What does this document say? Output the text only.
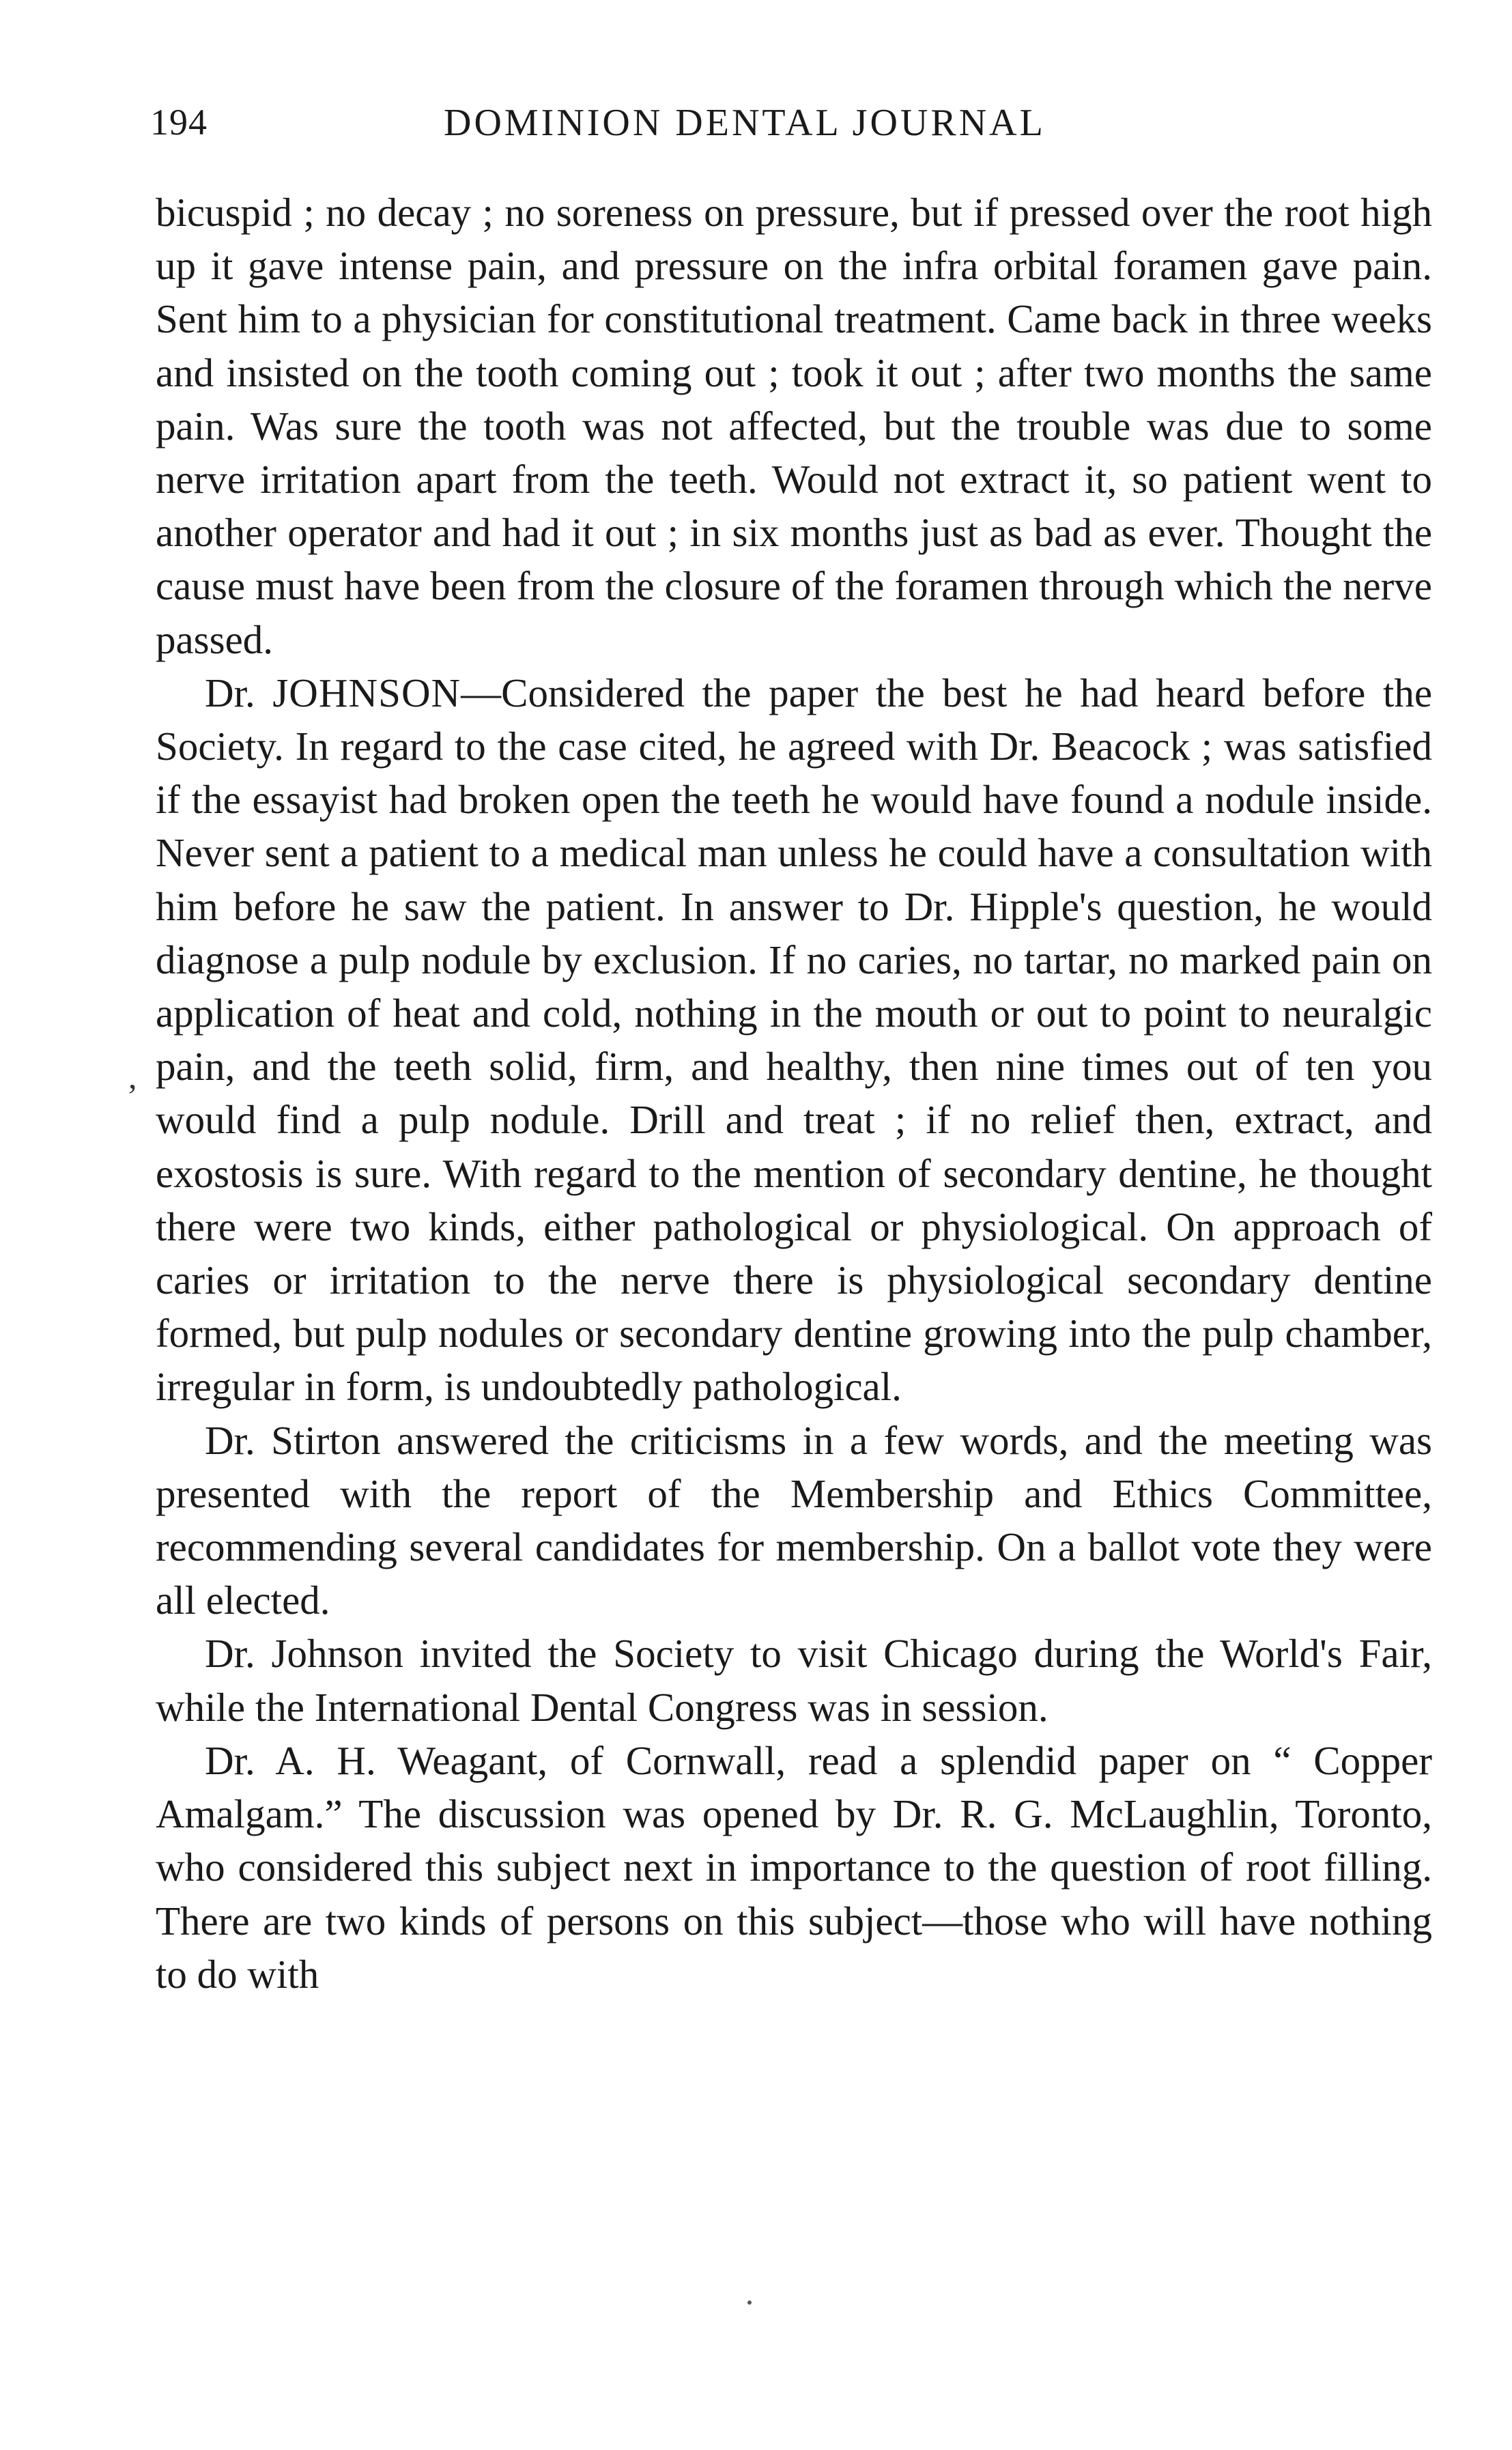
194	DOMINION DENTAL JOURNAL
,

bicuspid ; no decay ; no soreness on pressure, but if pressed over the root high up it gave intense pain, and pressure on the infra orbital foramen gave pain. Sent him to a physician for constitutional treatment. Came back in three weeks and insisted on the tooth coming out ; took it out ; after two months the same pain. Was sure the tooth was not affected, but the trouble was due to some nerve irritation apart from the teeth. Would not extract it, so patient went to another operator and had it out ; in six months just as bad as ever. Thought the cause must have been from the closure of the foramen through which the nerve passed.

Dr. JOHNSON—Considered the paper the best he had heard before the Society. In regard to the case cited, he agreed with Dr. Beacock ; was satisfied if the essayist had broken open the teeth he would have found a nodule inside. Never sent a patient to a medical man unless he could have a consultation with him before he saw the patient. In answer to Dr. Hipple's question, he would diagnose a pulp nodule by exclusion. If no caries, no tartar, no marked pain on application of heat and cold, nothing in the mouth or out to point to neuralgic pain, and the teeth solid, firm, and healthy, then nine times out of ten you would find a pulp nodule. Drill and treat ; if no relief then, extract, and exostosis is sure. With regard to the mention of secondary dentine, he thought there were two kinds, either pathological or physiological. On approach of caries or irritation to the nerve there is physiological secondary dentine formed, but pulp nodules or secondary dentine growing into the pulp chamber, irregular in form, is undoubtedly pathological.

Dr. Stirton answered the criticisms in a few words, and the meeting was presented with the report of the Membership and Ethics Committee, recommending several candidates for membership. On a ballot vote they were all elected.

Dr. Johnson invited the Society to visit Chicago during the World's Fair, while the International Dental Congress was in session.

Dr. A. H. Weagant, of Cornwall, read a splendid paper on “ Copper Amalgam.” The discussion was opened by Dr. R. G. McLaughlin, Toronto, who considered this subject next in importance to the question of root filling. There are two kinds of persons on this subject—those who will have nothing to do with
